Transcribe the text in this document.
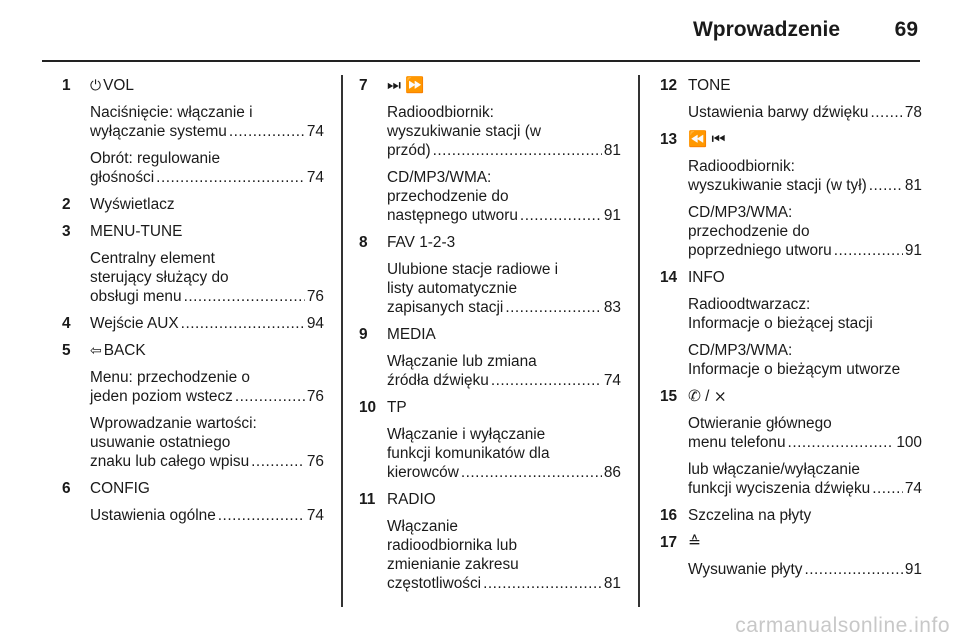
Wprowadzenie	69
1 ⏻ VOL
Naciśnięcie: włączanie i
wyłączanie systemu .....	74
Obrót: regulowanie
głośności .....	74
2 Wyświetlacz
3 MENU-TUNE
Centralny element
sterujący służący do
obsługi menu .....	76
4 Wejście AUX .....	94
5 ⇦ BACK
Menu: przechodzenie o
jeden poziom wstecz .....	76
Wprowadzanie wartości:
usuwanie ostatniego
znaku lub całego wpisu .....	76
6 CONFIG
Ustawienia ogólne .....	74
7 ⏭ ⏩
Radioodbiornik:
wyszukiwanie stacji (w
przód) .....	81
CD/MP3/WMA:
przechodzenie do
następnego utworu .....	91
8 FAV 1-2-3
Ulubione stacje radiowe i
listy automatycznie
zapisanych stacji .....	83
9 MEDIA
Włączanie lub zmiana
źródła dźwięku .....	74
10 TP
Włączanie i wyłączanie
funkcji komunikatów dla
kierowców .....	86
11 RADIO
Włączanie
radioodbiornika lub
zmienianie zakresu
częstotliwości .....	81
12 TONE
Ustawienia barwy dźwięku ..... 78
13 ⏪ ⏮
Radioodbiornik:
wyszukiwanie stacji (w tył) ..... 81
CD/MP3/WMA:
przechodzenie do
poprzedniego utworu .....	91
14 INFO
Radioodtwarzacz:
Informacje o bieżącej stacji
CD/MP3/WMA:
Informacje o bieżącym utworze
15 ✆ / ⨯
Otwieranie głównego
menu telefonu .....	100
lub włączanie/wyłączanie
funkcji wyciszenia dźwięku ..... 74
16 Szczelina na płyty
17 ≙
Wysuwanie płyty .....	91
carmanualsonline.info
